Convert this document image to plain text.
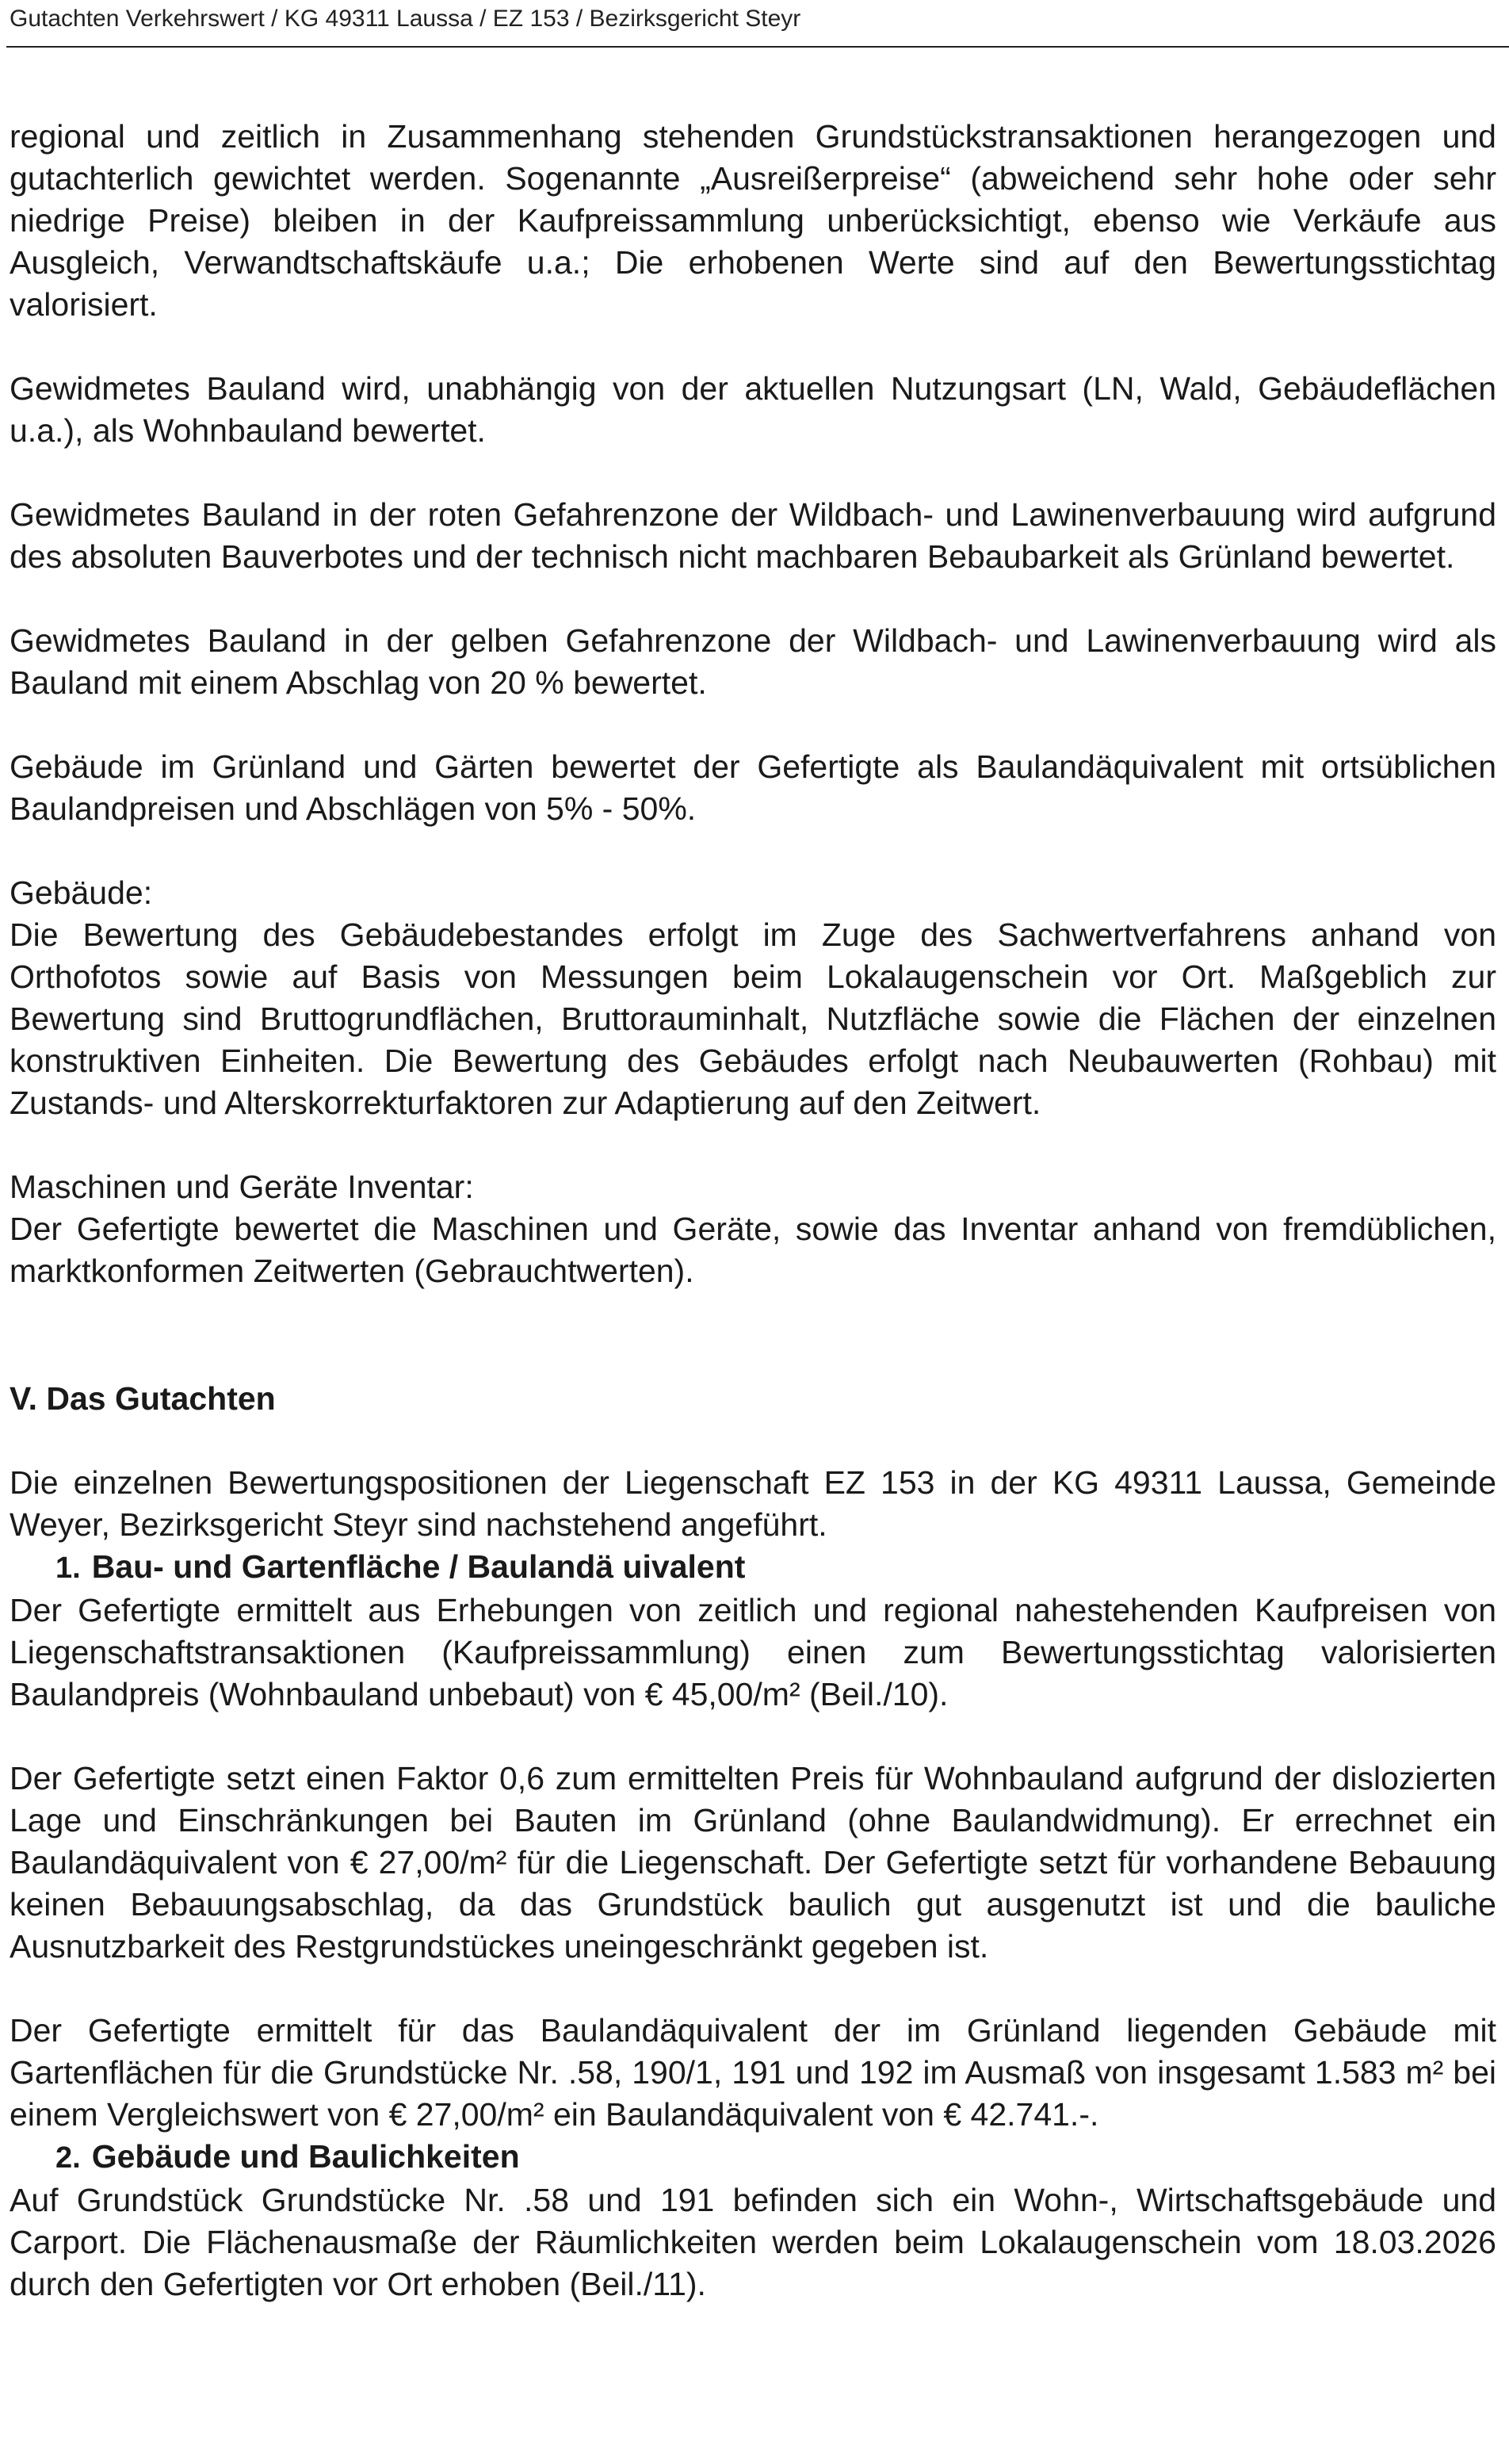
Gutachten Verkehrswert / KG 49311 Laussa / EZ 153 / Bezirksgericht Steyr

regional und zeitlich in Zusammenhang stehenden Grundstückstransaktionen herangezogen und gutachterlich gewichtet werden. Sogenannte „Ausreißerpreise“ (abweichend sehr hohe oder sehr niedrige Preise) bleiben in der Kaufpreissammlung unberücksichtigt, ebenso wie Verkäufe aus Ausgleich, Verwandtschaftskäufe u.a.; Die erhobenen Werte sind auf den Bewertungsstichtag valorisiert.

Gewidmetes Bauland wird, unabhängig von der aktuellen Nutzungsart (LN, Wald, Gebäudeflächen u.a.), als Wohnbauland bewertet.

Gewidmetes Bauland in der roten Gefahrenzone der Wildbach- und Lawinenverbauung wird aufgrund des absoluten Bauverbotes und der technisch nicht machbaren Bebaubarkeit als Grünland bewertet.

Gewidmetes Bauland in der gelben Gefahrenzone der Wildbach- und Lawinenverbauung wird als Bauland mit einem Abschlag von 20 % bewertet.

Gebäude im Grünland und Gärten bewertet der Gefertigte als Baulandäquivalent mit ortsüblichen Baulandpreisen und Abschlägen von 5% - 50%.

Gebäude:

Die Bewertung des Gebäudebestandes erfolgt im Zuge des Sachwertverfahrens anhand von Orthofotos sowie auf Basis von Messungen beim Lokalaugenschein vor Ort. Maßgeblich zur Bewertung sind Bruttogrundflächen, Bruttorauminhalt, Nutzfläche sowie die Flächen der einzelnen konstruktiven Einheiten. Die Bewertung des Gebäudes erfolgt nach Neubauwerten (Rohbau) mit Zustands- und Alterskorrekturfaktoren zur Adaptierung auf den Zeitwert.

Maschinen und Geräte Inventar:

Der Gefertigte bewertet die Maschinen und Geräte, sowie das Inventar anhand von fremdüblichen, marktkonformen Zeitwerten (Gebrauchtwerten).

V. Das Gutachten

Die einzelnen Bewertungspositionen der Liegenschaft EZ 153 in der KG 49311 Laussa, Gemeinde Weyer, Bezirksgericht Steyr sind nachstehend angeführt.

1. Bau- und Gartenfläche / Baulandä uivalent

Der Gefertigte ermittelt aus Erhebungen von zeitlich und regional nahestehenden Kaufpreisen von Liegenschaftstransaktionen (Kaufpreissammlung) einen zum Bewertungsstichtag valorisierten Baulandpreis (Wohnbauland unbebaut) von € 45,00/m² (Beil./10).

Der Gefertigte setzt einen Faktor 0,6 zum ermittelten Preis für Wohnbauland aufgrund der dislozierten Lage und Einschränkungen bei Bauten im Grünland (ohne Baulandwidmung). Er errechnet ein Baulandäquivalent von € 27,00/m² für die Liegenschaft. Der Gefertigte setzt für vorhandene Bebauung keinen Bebauungsabschlag, da das Grundstück baulich gut ausgenutzt ist und die bauliche Ausnutzbarkeit des Restgrundstückes uneingeschränkt gegeben ist.

Der Gefertigte ermittelt für das Baulandäquivalent der im Grünland liegenden Gebäude mit Gartenflächen für die Grundstücke Nr. .58, 190/1, 191 und 192 im Ausmaß von insgesamt 1.583 m² bei einem Vergleichswert von € 27,00/m² ein Baulandäquivalent von € 42.741.-.

2. Gebäude und Baulichkeiten

Auf Grundstück Grundstücke Nr. .58 und 191 befinden sich ein Wohn-, Wirtschaftsgebäude und Carport. Die Flächenausmaße der Räumlichkeiten werden beim Lokalaugenschein vom 18.03.2026 durch den Gefertigten vor Ort erhoben (Beil./11).
